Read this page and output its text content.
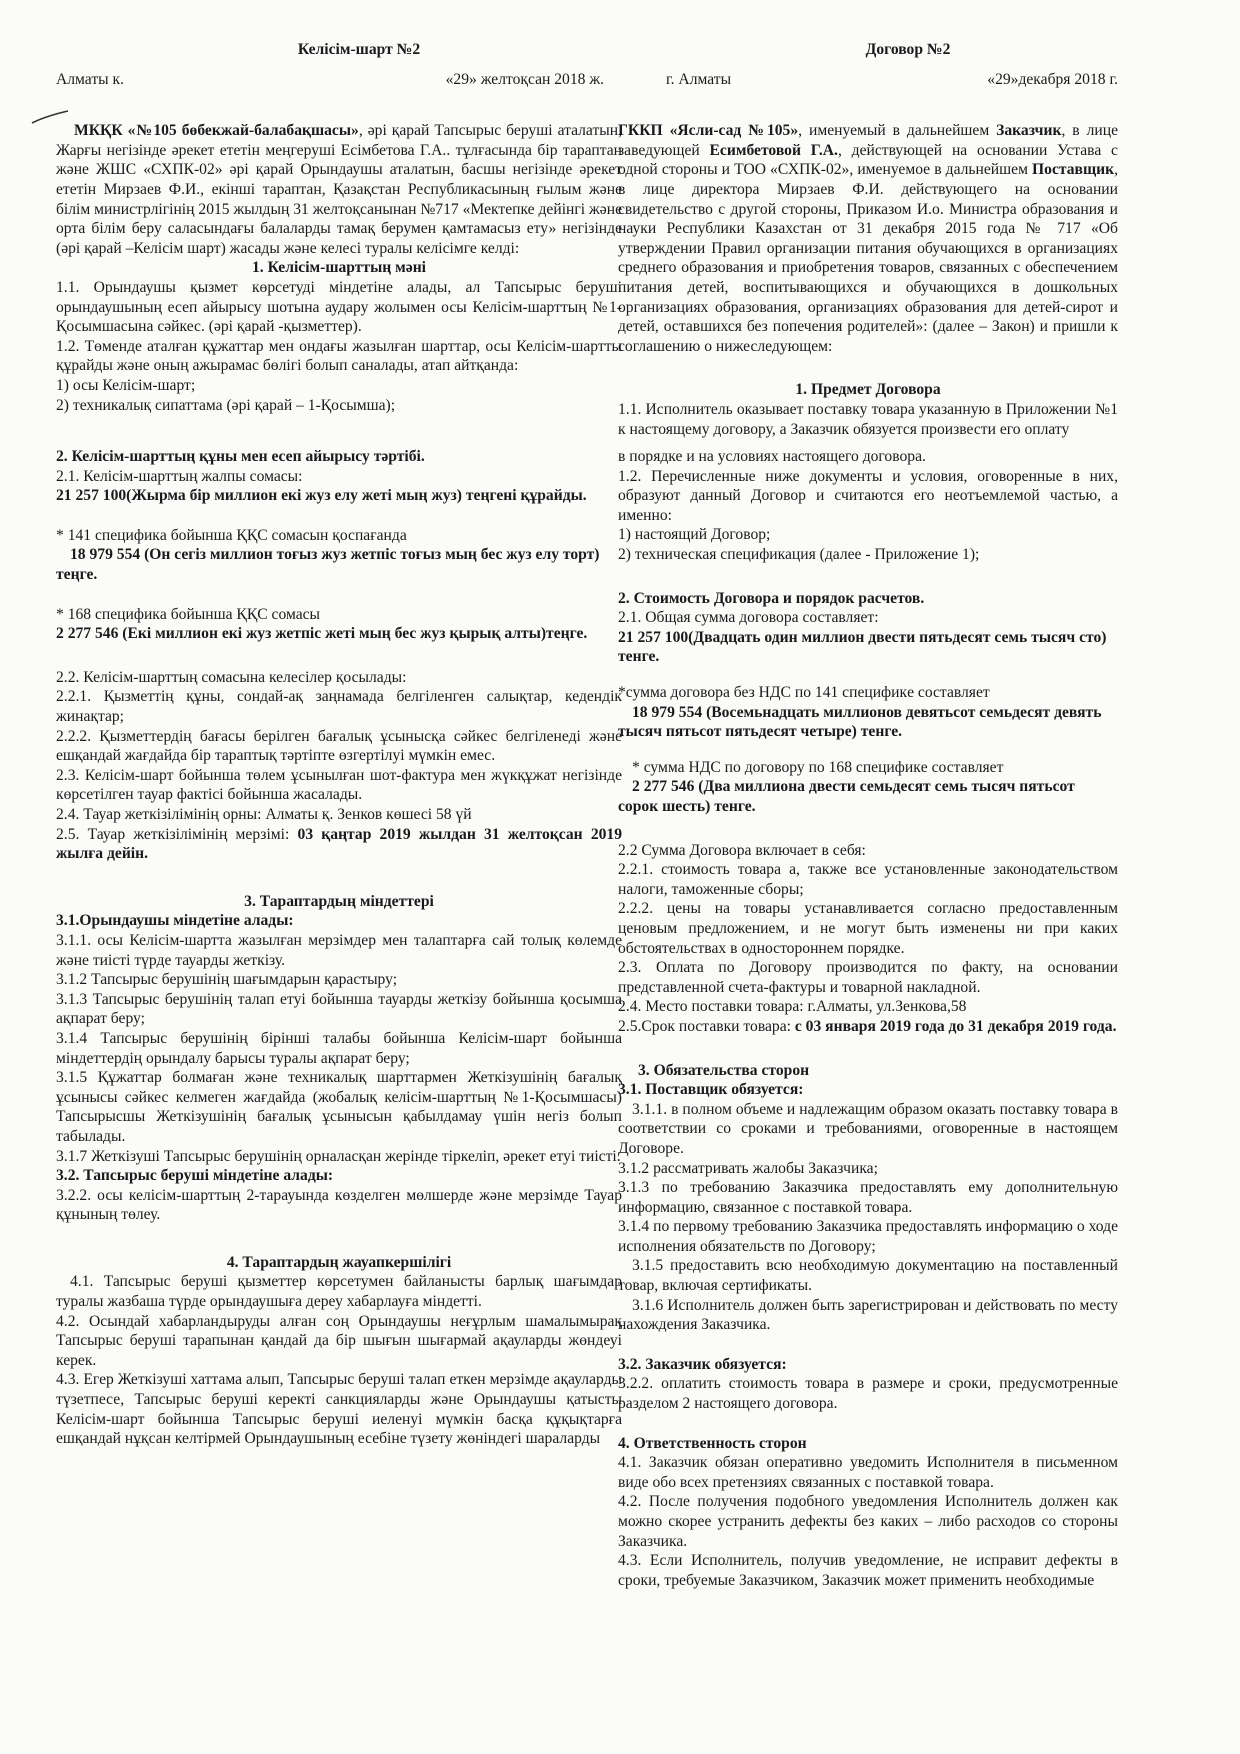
Келісім-шарт №2

Алматы к.	«29» желтоқсан 2018 ж.

МКҚК «№105 бөбекжай-балабақшасы», әрі қарай Тапсырыс беруші аталатын, Жарғы негізінде әрекет ететін меңгеруші Есімбетова Г.А.. тұлғасында бір тараптан және ЖШС «СХПК-02» әрі қарай Орындаушы аталатын, басшы негізінде әрекет ететін Мирзаев Ф.И., екінші тараптан, Қазақстан Республикасының ғылым және білім министрлігінің 2015 жылдың 31 желтоқсанынан №717 «Мектепке дейінгі және орта білім беру саласындағы балаларды тамақ берумен қамтамасыз ету» негізінде (әрі қарай –Келісім шарт) жасады және келесі туралы келісімге келді:

1. Келісім-шарттың мәні

1.1. Орындаушы қызмет көрсетуді міндетіне алады, ал Тапсырыс беруші орындаушының есеп айырысу шотына аудару жолымен осы Келісім-шарттың №1-Қосымшасына сәйкес. (әрі қарай -қызметтер).

1.2. Төменде аталған құжаттар мен ондағы жазылған шарттар, осы Келісім-шартты құрайды және оның ажырамас бөлігі болып саналады, атап айтқанда:

1) осы Келісім-шарт;

2) техникалық сипаттама (әрі қарай – 1-Қосымша);

2. Келісім-шарттың құны мен есеп айырысу тәртібі.

2.1. Келісім-шарттың жалпы сомасы:

21 257 100(Жырма бір миллион екі жуз елу жеті мың жуз) теңгені құрайды.

* 141 спецификa бойынша ҚҚС сомасын қоспағанда

18 979 554 (Он сегіз миллион тоғыз жуз жетпіс тоғыз мың бес жуз елу торт) теңге.

* 168 спецификa бойынша ҚҚС сомасы

2 277 546 (Екі миллион екі жуз жетпіс жеті мың бес жуз қырық алты)теңге.

2.2. Келісім-шарттың сомасына келесілер қосылады:

2.2.1. Қызметтің құны, сондай-ақ заңнамада белгіленген салықтар, кедендік жинақтар;

2.2.2. Қызметтердің бағасы берілген бағалық ұсынысқа сәйкес белгіленеді және ешқандай жағдайда бір тараптық тәртіпте өзгертілуі мүмкін емес.

2.3. Келісім-шарт бойынша төлем ұсынылған шот-фактура мен жүкқұжат негізінде көрсетілген тауар фактісі бойынша жасалады.

2.4. Тауар жеткізілімінің орны: Алматы қ. Зенков көшесі 58 үй

2.5. Тауар жеткізілімінің мерзімі: 03 қаңтар 2019 жылдан 31 желтоқсан 2019 жылға дейін.

3. Тараптардың міндеттері

3.1.Орындаушы міндетіне алады:

3.1.1. осы Келісім-шартта жазылған мерзімдер мен талаптарға сай толық көлемде және тиісті түрде тауарды жеткізу.

3.1.2 Тапсырыс берушінің шағымдарын қарастыру;

3.1.3 Тапсырыс берушінің талап етуі бойынша тауарды жеткізу бойынша қосымша ақпарат беру;

3.1.4 Тапсырыс берушінің бірінші талабы бойынша Келісім-шарт бойынша міндеттердің орындалу барысы туралы ақпарат беру;

3.1.5 Құжаттар болмаған және техникалық шарттармен Жеткізушінің бағалық ұсынысы сәйкес келмеген жағдайда (жобалық келісім-шарттың №1-Қосымшасы) Тапсырысшы Жеткізушінің бағалық ұсынысын қабылдамау үшін негіз болып табылады.

3.1.7 Жеткізуші Тапсырыс берушінің орналасқан жерінде тіркеліп, әрекет етуі тиісті.

3.2. Тапсырыс беруші міндетіне алады:

3.2.2. осы келісім-шарттың 2-тарауында көзделген мөлшерде және мерзімде Тауар құнының төлеу.

4. Тараптардың жауапкершілігі

4.1. Тапсырыс беруші қызметтер көрсетумен байланысты барлық шағымдар туралы жазбаша түрде орындаушыға дереу хабарлауға міндетті.

4.2. Осындай хабарландыруды алған соң Орындаушы неғұрлым шамалымырақ Тапсырыс беруші тарапынан қандай да бір шығын шығармай ақауларды жөндеуі керек.

4.3. Егер Жеткізуші хаттама алып, Тапсырыс беруші талап еткен мерзімде ақауларды түзетпесе, Тапсырыс беруші керекті санкцияларды және Орындаушы қатысты Келісім-шарт бойынша Тапсырыс беруші иеленуі мүмкін басқа құқықтарға ешқандай нұқсан келтірмей Орындаушының есебіне түзету жөніндегі шараларды

Договор №2

г. Алматы	«29»декабря 2018 г.

ГККП «Ясли-сад №105», именуемый в дальнейшем Заказчик, в лице заведующей Есимбетовой Г.А., действующей на основании Устава с одной стороны и ТОО «СХПК-02», именуемое в дальнейшем Поставщик, в лице директора Мирзаев Ф.И. действующего на основании свидетельство с другой стороны, Приказом И.о. Министра образования и науки Республики Казахстан от 31 декабря 2015 года № 717 «Об утверждении Правил организации питания обучающихся в организациях среднего образования и приобретения товаров, связанных с обеспечением питания детей, воспитывающихся и обучающихся в дошкольных организациях образования, организациях образования для детей-сирот и детей, оставшихся без попечения родителей»: (далее – Закон) и пришли к соглашению о нижеследующем:

1. Предмет Договора

1.1. Исполнитель оказывает поставку товара указанную в Приложении №1 к настоящему договору, а Заказчик обязуется произвести его оплату

в порядке и на условиях настоящего договора.

1.2. Перечисленные ниже документы и условия, оговоренные в них, образуют данный Договор и считаются его неотъемлемой частью, а именно:

1) настоящий Договор;

2) техническая спецификация (далее - Приложение 1);

2. Стоимость Договора и порядок расчетов.

2.1. Общая сумма договора составляет:

21 257 100(Двадцать один миллион двести пятьдесят семь тысяч сто) тенге.

*сумма договора без НДС по 141 спецификe составляет

18 979 554 (Восемьнадцать миллионов девятьсот семьдесят девять тысяч пятьсот пятьдесят четыре) тенге.

* сумма НДС по договору по 168 спецификe составляет

2 277 546 (Два миллиона двести семьдесят семь тысяч пятьсот сорок шесть) тенге.

2.2 Сумма Договора включает в себя:

2.2.1. стоимость товара а, также все установленные законодательством налоги, таможенные сборы;

2.2.2. цены на товары устанавливается согласно предоставленным ценовым предложением, и не могут быть изменены ни при каких обстоятельствах в одностороннем порядке.

2.3. Оплата по Договору производится по факту, на основании представленной счета-фактуры и товарной накладной.

2.4. Место поставки товара: г.Алматы, ул.Зенкова,58

2.5.Срок поставки товара: с 03 января 2019 года до 31 декабря 2019 года.

3. Обязательства сторон

3.1. Поставщик обязуется:

3.1.1. в полном объеме и надлежащим образом оказать поставку товара в соответствии со сроками и требованиями, оговоренные в настоящем Договоре.

3.1.2 рассматривать жалобы Заказчика;

3.1.3 по требованию Заказчика предоставлять ему дополнительную информацию, связанное с поставкой товара.

3.1.4 по первому требованию Заказчика предоставлять информацию о ходе исполнения обязательств по Договору;

3.1.5 предоставить всю необходимую документацию на поставленный товар, включая сертификаты.

3.1.6 Исполнитель должен быть зарегистрирован и действовать по месту нахождения Заказчика.

3.2. Заказчик обязуется:

3.2.2. оплатить стоимость товара в размере и сроки, предусмотренные разделом 2 настоящего договора.

4. Ответственность сторон

4.1. Заказчик обязан оперативно уведомить Исполнителя в письменном виде обо всех претензиях связанных с поставкой товара.

4.2. После получения подобного уведомления Исполнитель должен как можно скорее устранить дефекты без каких – либо расходов со стороны Заказчика.

4.3. Если Исполнитель, получив уведомление, не исправит дефекты в сроки, требуемые Заказчиком, Заказчик может применить необходимые
